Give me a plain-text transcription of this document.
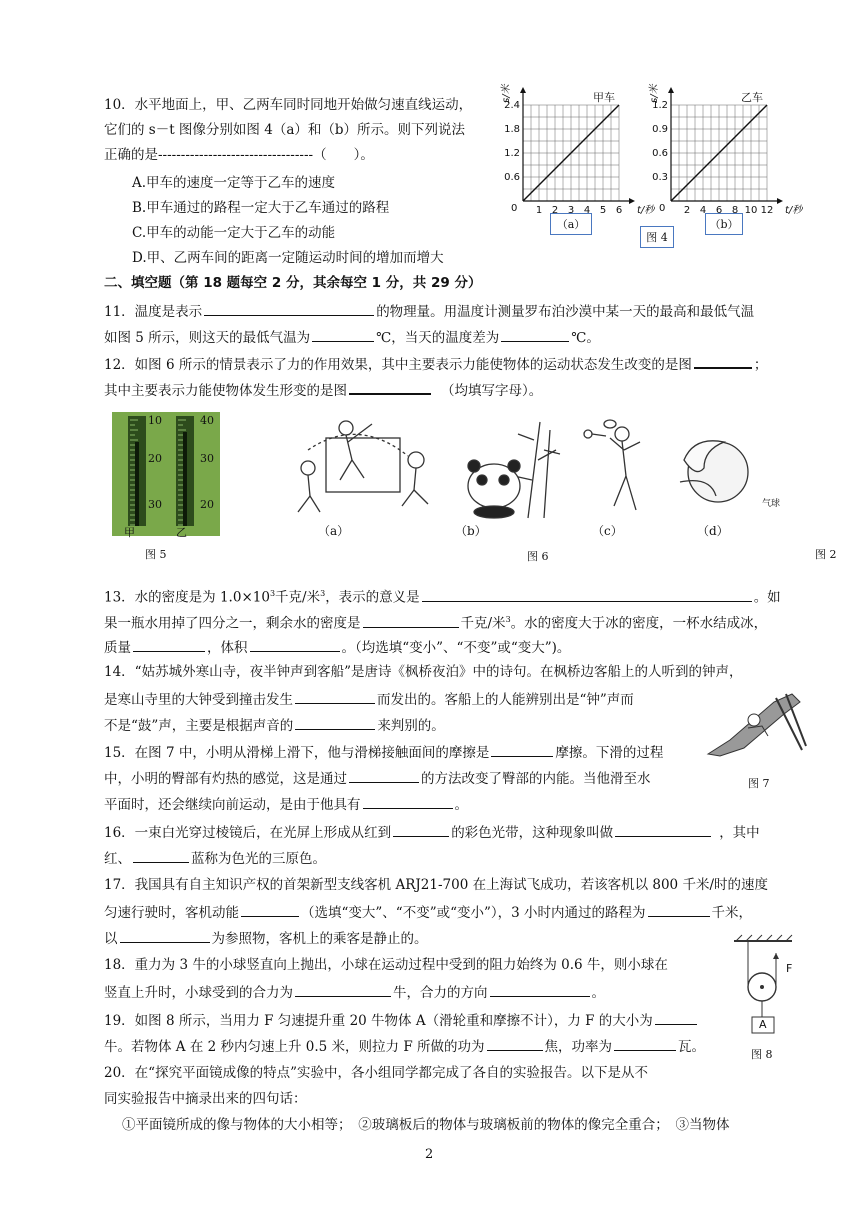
10．水平地面上，甲、乙两车同时同地开始做匀速直线运动，
它们的 s－t 图像分别如图 4（a）和（b）所示。则下列说法
正确的是----------------------------------（　　）。
A.甲车的速度一定等于乙车的速度
B.甲车通过的路程一定大于乙车通过的路程
C.甲车的动能一定大于乙车的动能
D.甲、乙两车间的距离一定随运动时间的增加而增大
1 2 3 4 5 6
0.6
1.2
1.8
2.4
0
甲车
t/秒
s/米
2 4 6 8 10 12
0.3
0.6
0.9
1.2
0
乙车
t/秒
s/米
（a）
图 4
（b）
二、填空题（第 18 题每空 2 分，其余每空 1 分，共 29 分）
11．温度是表示	的物理量。用温度计测量罗布泊沙漠中某一天的最高和最低气温
如图 5 所示，则这天的最低气温为	℃，当天的温度差为	℃。
12．如图 6 所示的情景表示了力的作用效果，其中主要表示力能使物体的运动状态发生改变的是图	；
其中主要表示力能使物体发生形变的是图	（均填写字母）。
10
20
30
40
30
20
甲	乙
图 5
气球
（a）	（b）	（c）	（d）
图 6	图 2
13．水的密度是为 $1.0\times 10^3$千克/米$^3$，表示的意义是	。如
果一瓶水用掉了四分之一，剩余水的密度是	千克/米$^3$。水的密度大于冰的密度，一杯水结成冰，
质量	，体积	。（均选填“变小”、“不变”或“变大”)。
14．“姑苏城外寒山寺，夜半钟声到客船”是唐诗《枫桥夜泊》中的诗句。在枫桥边客船上的人听到的钟声，
是寒山寺里的大钟受到撞击发生	而发出的。客船上的人能辨别出是“钟”声而
不是“鼓”声，主要是根据声音的	来判别的。
图 7
15．在图 7 中，小明从滑梯上滑下，他与滑梯接触面间的摩擦是	摩擦。下滑的过程
中，小明的臀部有灼热的感觉，这是通过	的方法改变了臀部的内能。当他滑至水
平面时，还会继续向前运动，是由于他具有	。
16．一束白光穿过棱镜后，在光屏上形成从红到	的彩色光带，这种现象叫做	，其中
红、	蓝称为色光的三原色。
17．我国具有自主知识产权的首架新型支线客机 ARJ21-700 在上海试飞成功，若该客机以 800 千米/时的速度
匀速行驶时，客机动能	（选填“变大”、“不变”或“变小”），3 小时内通过的路程为	千米，
以	为参照物，客机上的乘客是静止的。
18．重力为 3 牛的小球竖直向上抛出，小球在运动过程中受到的阻力始终为 0.6 牛，则小球在
竖直上升时，小球受到的合力为	牛，合力的方向	。
F
A
图 8
19．如图 8 所示，当用力 F 匀速提升重 20 牛物体 A（滑轮重和摩擦不计），力 F 的大小为
牛。若物体 A 在 2 秒内匀速上升 0.5 米，则拉力 F 所做的功为	焦，功率为	瓦。
20．在“探究平面镜成像的特点”实验中，各小组同学都完成了各自的实验报告。以下是从不
同实验报告中摘录出来的四句话：
①平面镜所成的像与物体的大小相等；　②玻璃板后的物体与玻璃板前的物体的像完全重合；　③当物体
2
